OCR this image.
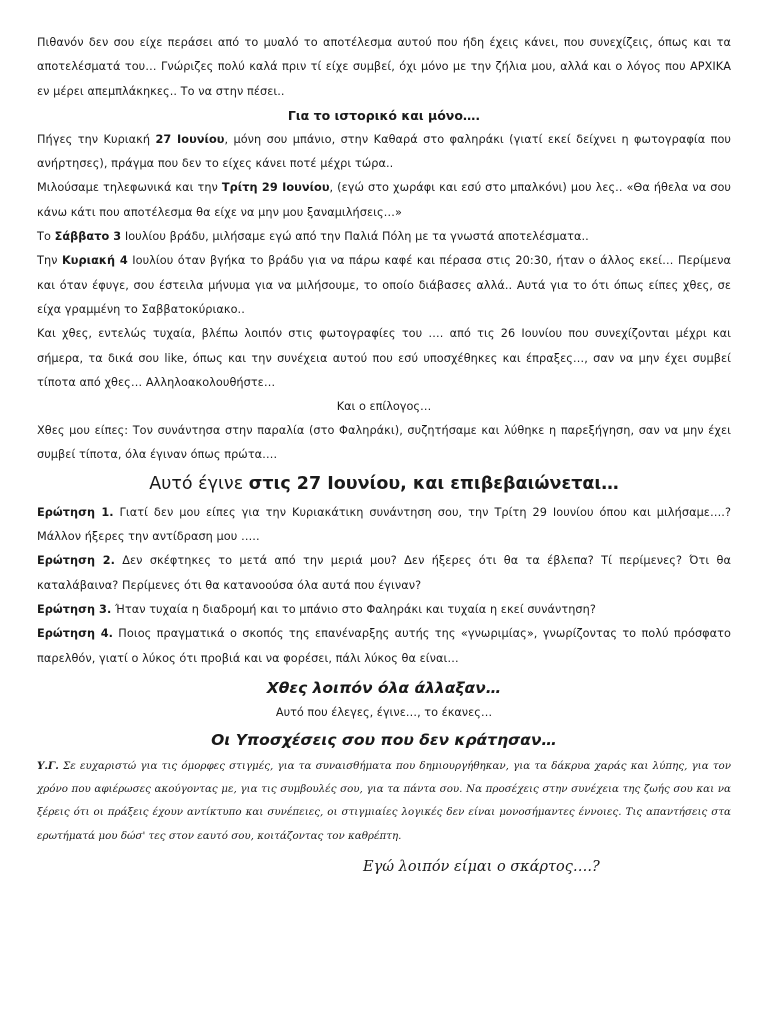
Πιθανόν δεν σου είχε περάσει από το μυαλό το αποτέλεσμα αυτού που ήδη έχεις κάνει, που συνεχίζεις, όπως και τα αποτελέσματά του… Γνώριζες πολύ καλά πριν τί είχε συμβεί, όχι μόνο με την ζήλια μου, αλλά και ο λόγος που ΑΡΧΙΚΑ εν μέρει απεμπλάκηκες.. Το να στην πέσει..

Για το ιστορικό και μόνο….

Πήγες την Κυριακή 27 Ιουνίου, μόνη σου μπάνιο, στην Καθαρά στο φαληράκι (γιατί εκεί δείχνει η φωτογραφία που ανήρτησες), πράγμα που δεν το είχες κάνει ποτέ μέχρι τώρα..

Μιλούσαμε τηλεφωνικά και την Τρίτη 29 Ιουνίου, (εγώ στο χωράφι και εσύ στο μπαλκόνι) μου λες.. «Θα ήθελα να σου κάνω κάτι που αποτέλεσμα θα είχε να μην μου ξαναμιλήσεις…»

Το Σάββατο 3 Ιουλίου βράδυ, μιλήσαμε εγώ από την Παλιά Πόλη με τα γνωστά αποτελέσματα..

Την Κυριακή 4 Ιουλίου όταν βγήκα το βράδυ για να πάρω καφέ και πέρασα στις 20:30, ήταν ο άλλος εκεί… Περίμενα και όταν έφυγε, σου έστειλα μήνυμα για να μιλήσουμε, το οποίο διάβασες αλλά.. Αυτά για το ότι όπως είπες χθες, σε είχα γραμμένη το Σαββατοκύριακο..

Και χθες, εντελώς τυχαία, βλέπω λοιπόν στις φωτογραφίες του …. από τις 26 Ιουνίου που συνεχίζονται μέχρι και σήμερα, τα δικά σου like, όπως και την συνέχεια αυτού που εσύ υποσχέθηκες και έπραξες…, σαν να μην έχει συμβεί τίποτα από χθες… Αλληλοακολουθήστε…

Και ο επίλογος…

Χθες μου είπες: Τον συνάντησα στην παραλία (στο Φαληράκι), συζητήσαμε και λύθηκε η παρεξήγηση, σαν να μην έχει συμβεί τίποτα, όλα έγιναν όπως πρώτα….

Αυτό έγινε στις 27 Ιουνίου, και επιβεβαιώνεται…

Ερώτηση 1. Γιατί δεν μου είπες για την Κυριακάτικη συνάντηση σου, την Τρίτη 29 Ιουνίου όπου και μιλήσαμε….? Μάλλον ήξερες την αντίδραση μου …..

Ερώτηση 2. Δεν σκέφτηκες το μετά από την μεριά μου? Δεν ήξερες ότι θα τα έβλεπα? Τί περίμενες? Ότι θα καταλάβαινα? Περίμενες ότι θα κατανοούσα όλα αυτά που έγιναν?

Ερώτηση 3. Ήταν τυχαία η διαδρομή και το μπάνιο στο Φαληράκι και τυχαία η εκεί συνάντηση?

Ερώτηση 4. Ποιος πραγματικά ο σκοπός της επανέναρξης αυτής της «γνωριμίας», γνωρίζοντας το πολύ πρόσφατο παρελθόν, γιατί ο λύκος ότι προβιά και να φορέσει, πάλι λύκος θα είναι…

Χθες λοιπόν όλα άλλαξαν…

Αυτό που έλεγες, έγινε…, το έκανες…

Οι Υποσχέσεις σου που δεν κράτησαν…

Υ.Γ. Σε ευχαριστώ για τις όμορφες στιγμές, για τα συναισθήματα που δημιουργήθηκαν, για τα δάκρυα χαράς και λύπης, για τον χρόνο που αφιέρωσες ακούγοντας με, για τις συμβουλές σου, για τα πάντα σου. Να προσέχεις στην συνέχεια της ζωής σου και να ξέρεις ότι οι πράξεις έχουν αντίκτυπο και συνέπειες, οι στιγμιαίες λογικές δεν είναι μονοσήμαντες έννοιες. Τις απαντήσεις στα ερωτήματά μου δώσ' τες στον εαυτό σου, κοιτάζοντας τον καθρέπτη.

Εγώ λοιπόν είμαι ο σκάρτος….?
